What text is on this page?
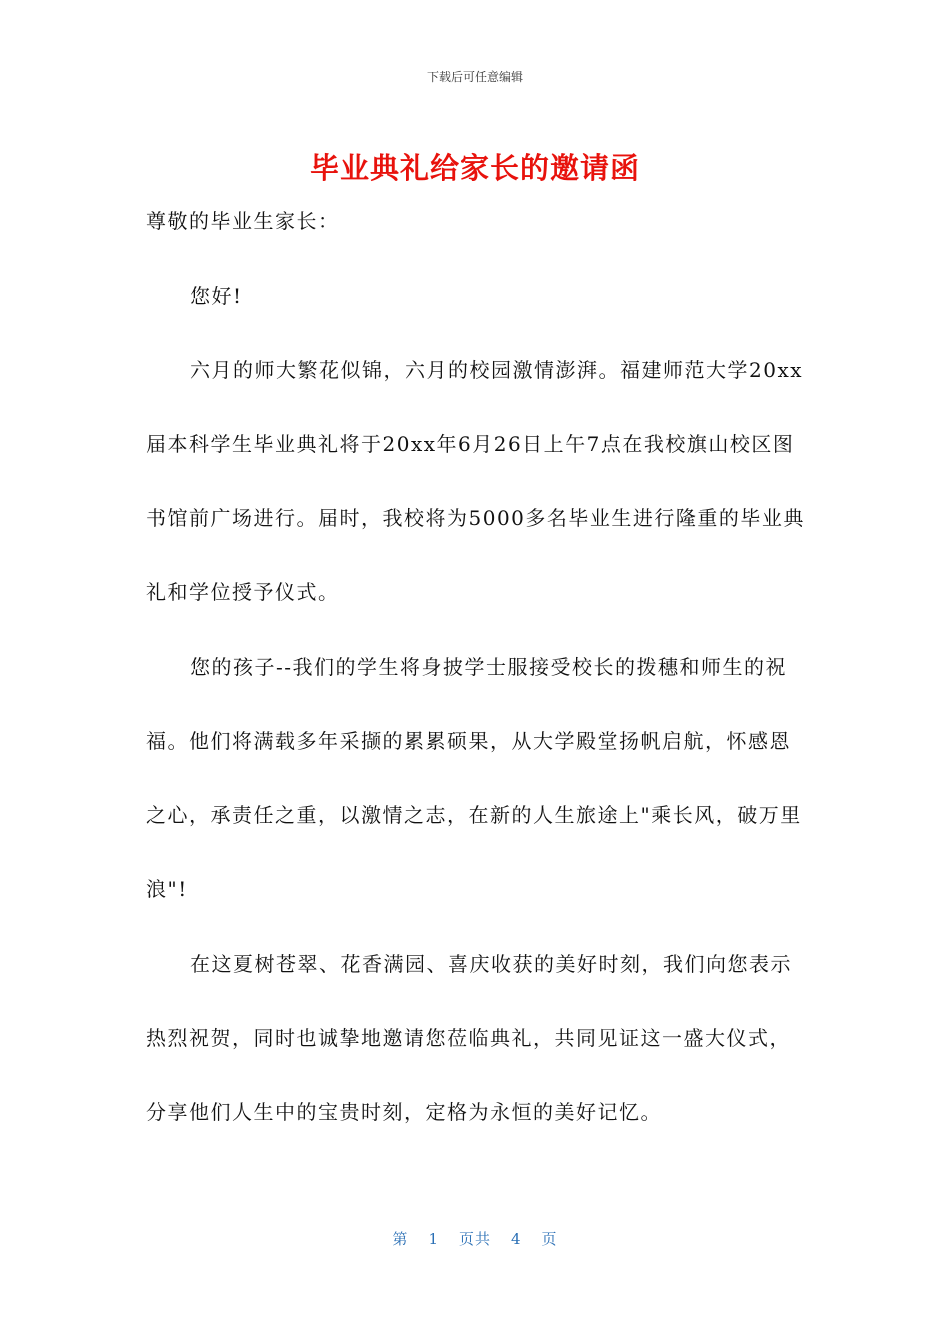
下载后可任意编辑
毕业典礼给家长的邀请函
尊敬的毕业生家长：
您好!
六月的师大繁花似锦，六月的校园激情澎湃。福建师范大学20xx届本科学生毕业典礼将于20xx年6月26日上午7点在我校旗山校区图书馆前广场进行。届时，我校将为5000多名毕业生进行隆重的毕业典礼和学位授予仪式。
您的孩子--我们的学生将身披学士服接受校长的拨穗和师生的祝福。他们将满载多年采撷的累累硕果，从大学殿堂扬帆启航，怀感恩之心，承责任之重，以激情之志，在新的人生旅途上"乘长风，破万里浪"!
在这夏树苍翠、花香满园、喜庆收获的美好时刻，我们向您表示热烈祝贺，同时也诚挚地邀请您莅临典礼，共同见证这一盛大仪式，分享他们人生中的宝贵时刻，定格为永恒的美好记忆。
第 1 页共 4 页
